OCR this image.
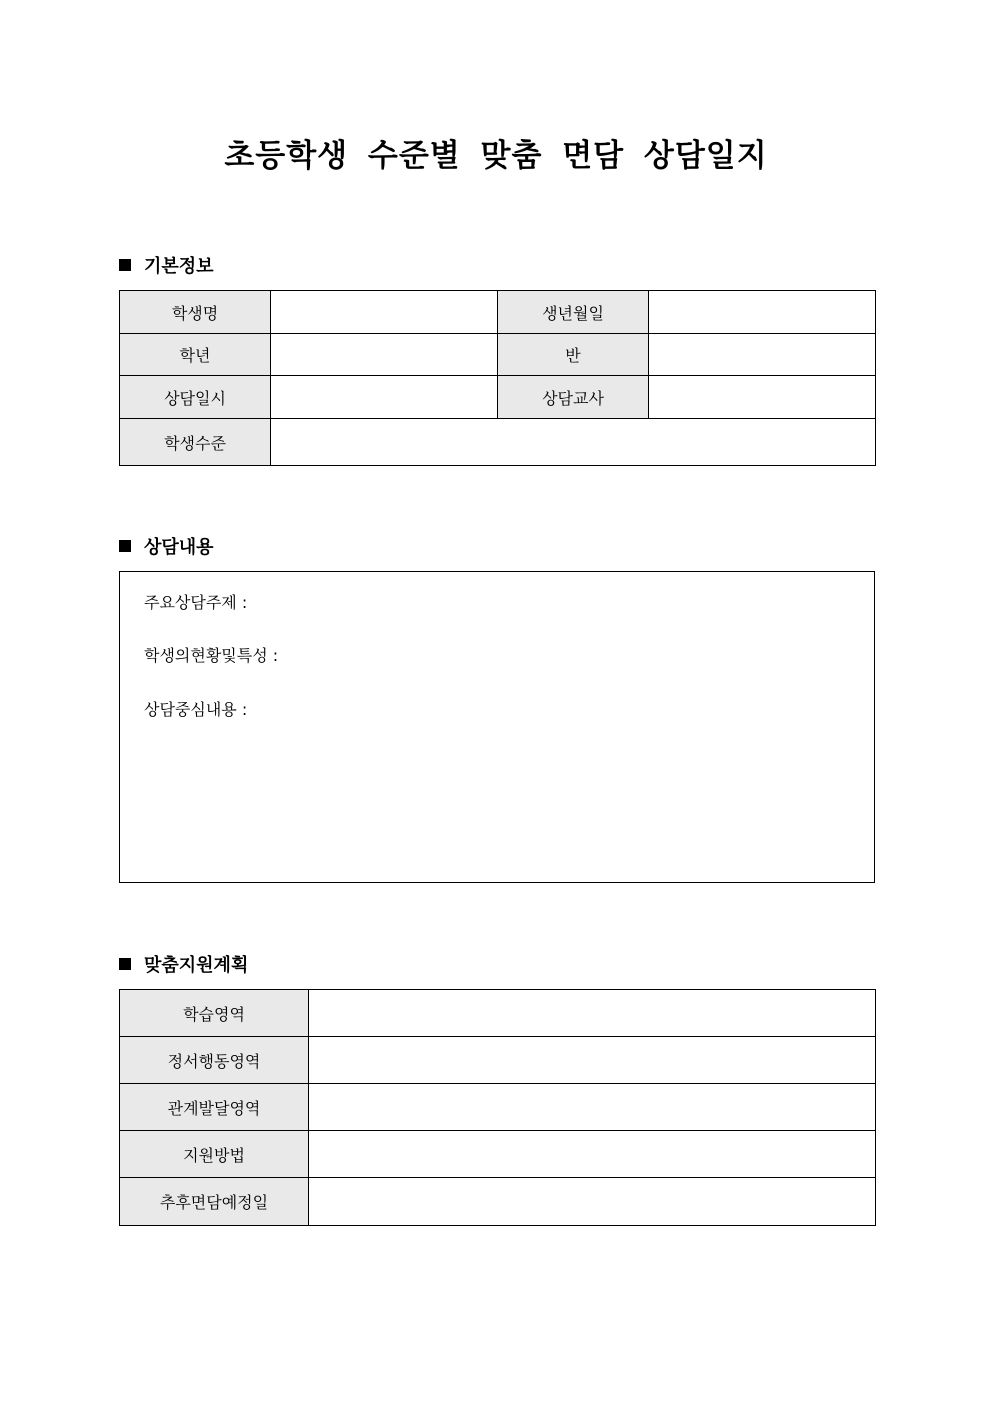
초등학생 수준별 맞춤 면담 상담일지
기본정보
학생명		생년월일	
학년		반	
상담일시		상담교사	
학생수준			
상담내용
주요상담주제 :
학생의현황및특성 :
상담중심내용 :
맞춤지원계획
학습영역	
정서행동영역	
관계발달영역	
지원방법	
추후면담예정일	
